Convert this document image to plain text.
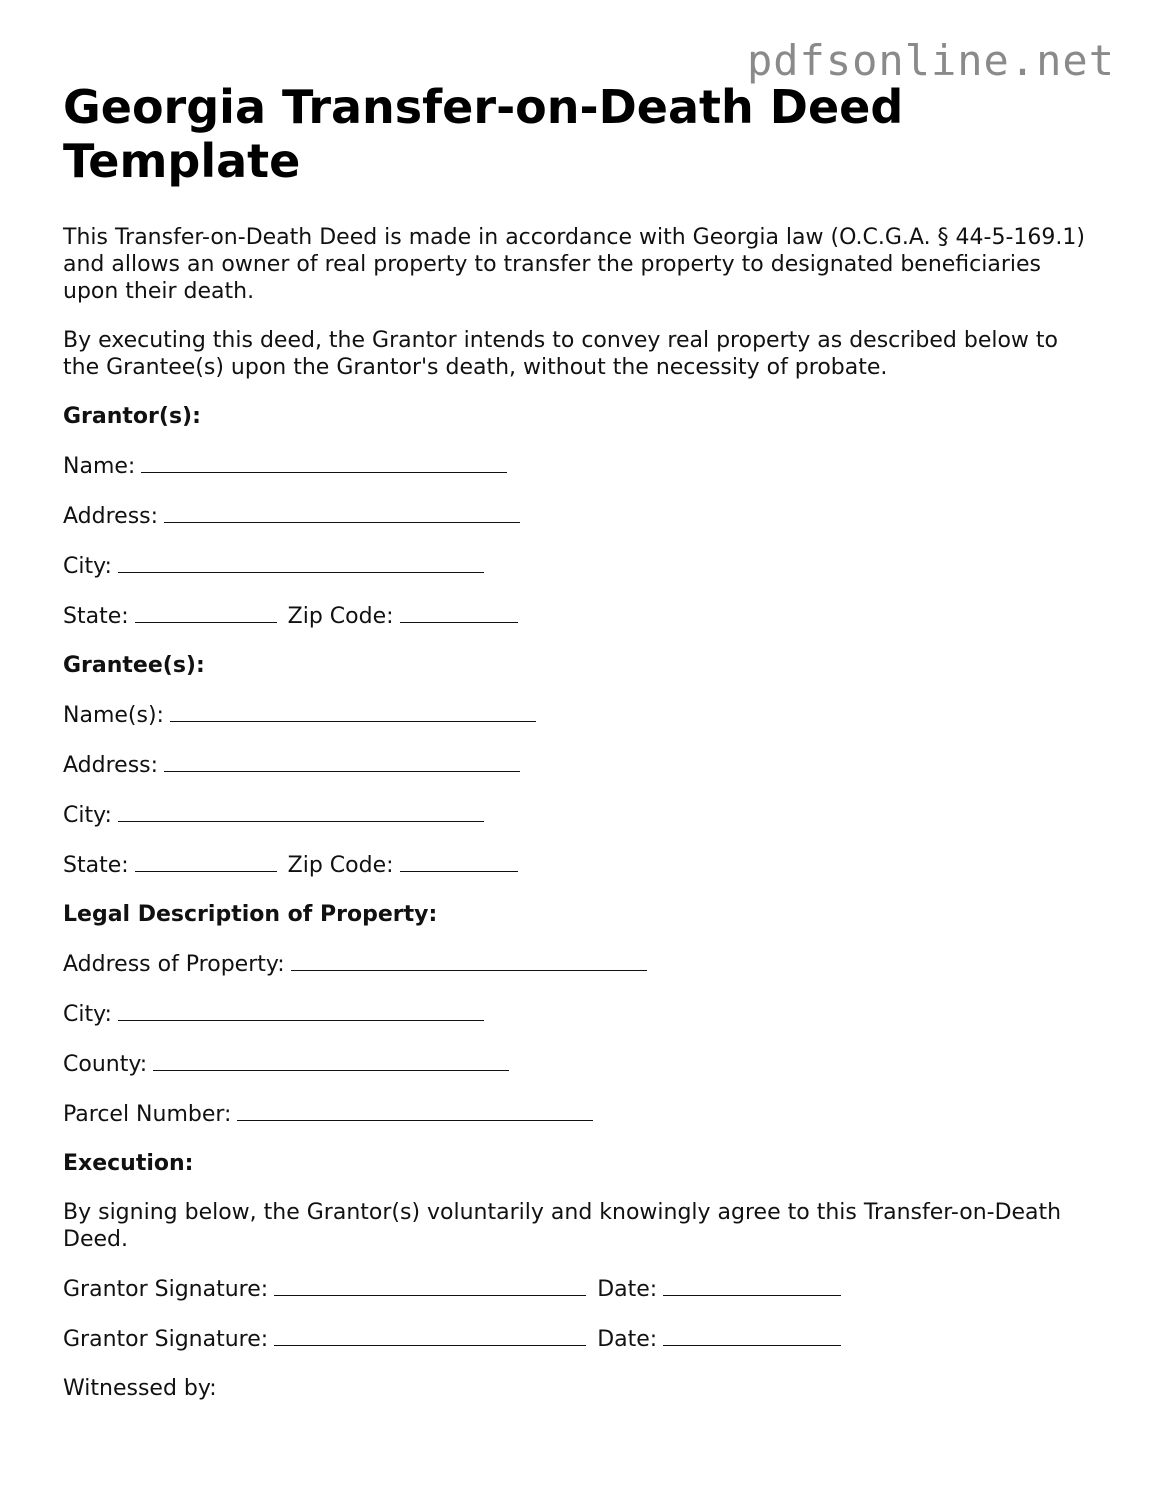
pdfsonline.net
Georgia Transfer-on-Death Deed Template

This Transfer-on-Death Deed is made in accordance with Georgia law (O.C.G.A. § 44-5-169.1) and allows an owner of real property to transfer the property to designated beneficiaries upon their death.

By executing this deed, the Grantor intends to convey real property as described below to the Grantee(s) upon the Grantor's death, without the necessity of probate.

Grantor(s):

Name:

Address:

City:

State:	Zip Code:

Grantee(s):

Name(s):

Address:

City:

State:	Zip Code:

Legal Description of Property:

Address of Property:

City:

County:

Parcel Number:

Execution:

By signing below, the Grantor(s) voluntarily and knowingly agree to this Transfer-on-Death Deed.

Grantor Signature:	Date:

Grantor Signature:	Date:

Witnessed by:
